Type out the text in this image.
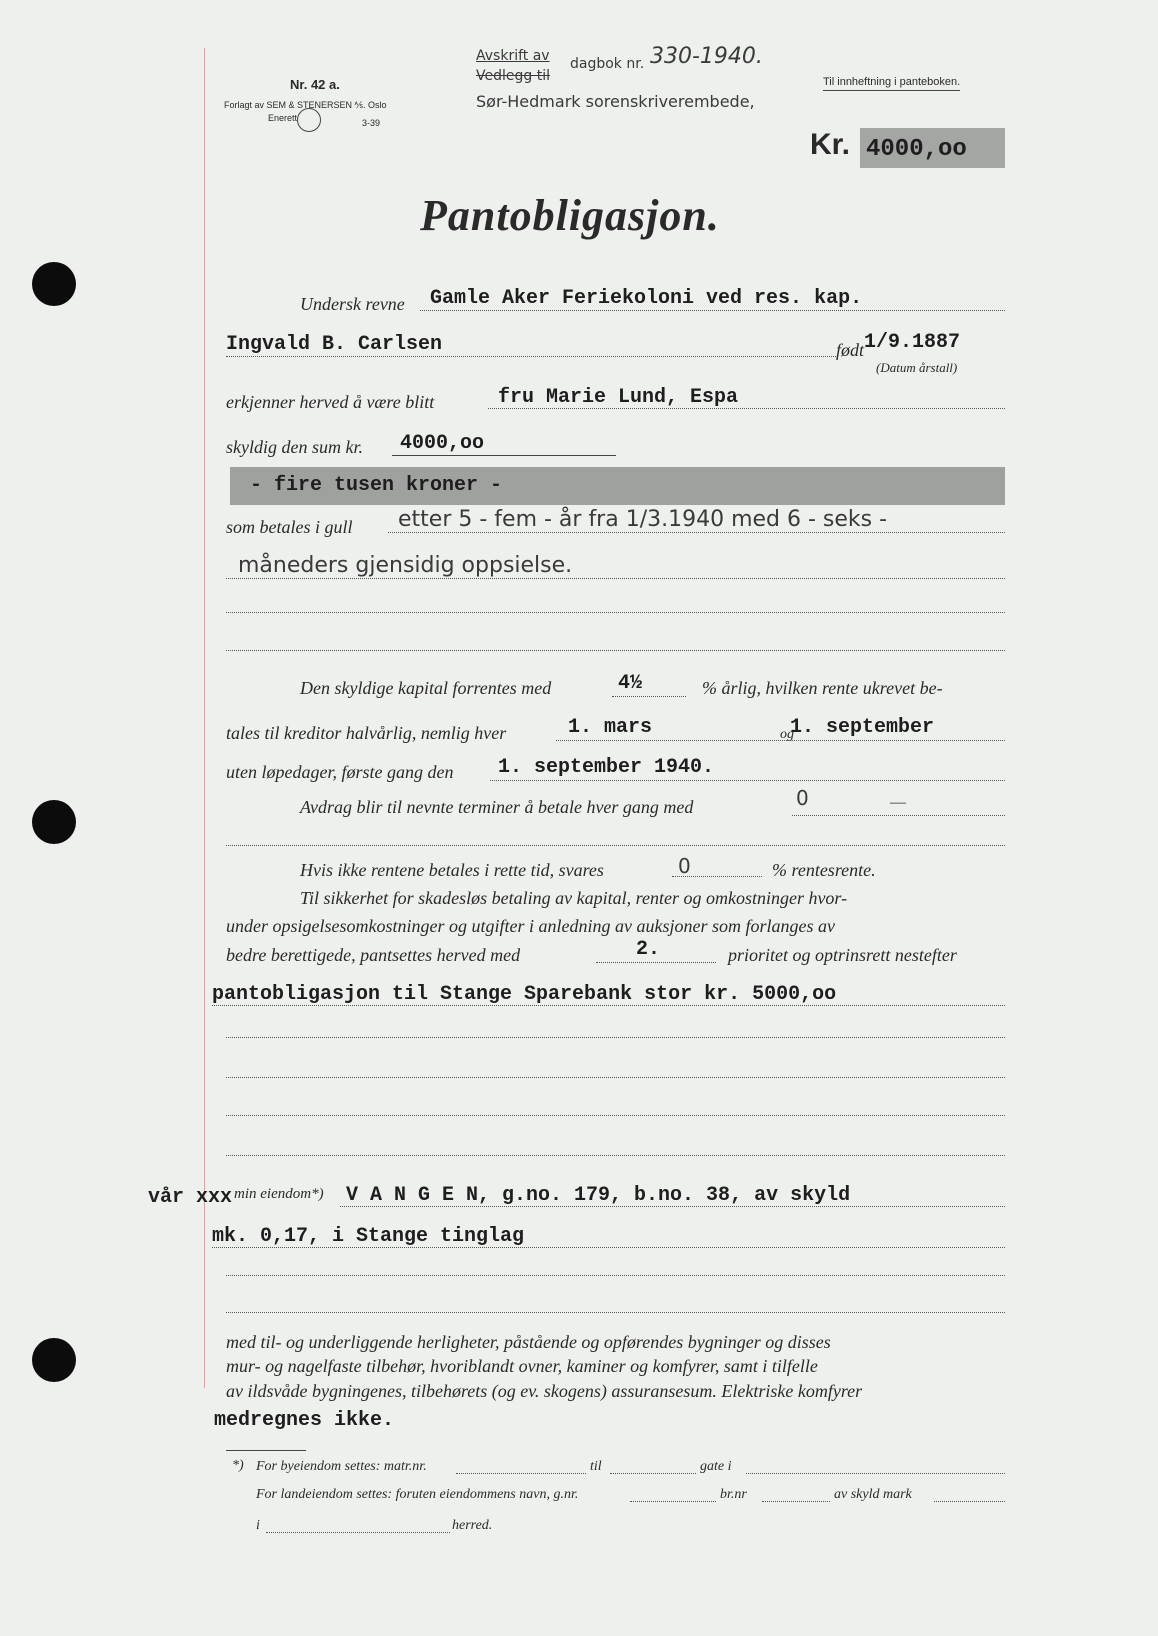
Nr. 42 a.
Forlagt av SEM & STENERSEN ⅍. Oslo
Enerett	3-39
Avskrift av
Vedlegg til
dagbok nr. 330-1940.
Sør-Hedmark sorenskriverembede,
Til innheftning i panteboken.
Kr. 4000,oo
Pantobligasjon.
Undersk revne Gamle Aker Feriekoloni ved res. kap.
Ingvald B. Carlsen	født 1/9.1887
(Datum årstall)
erkjenner herved å være blitt	fru Marie Lund, Espa
skyldig den sum kr. 4000,oo
- fire tusen kroner -
som betales i gull etter 5 - fem - år fra 1/3.1940 med 6 - seks -
måneders gjensidig oppsielse.
Den skyldige kapital forrentes med	4½	% årlig, hvilken rente ukrevet be-
tales til kreditor halvårlig, nemlig hver	1. mars	og
1. september
uten løpedager, første gang den 1. september 1940.
Avdrag blir til nevnte terminer å betale hver gang med	0	—
Hvis ikke rentene betales i rette tid, svares	0	% rentesrente.
Til sikkerhet for skadesløs betaling av kapital, renter og omkostninger hvor-
under opsigelsesomkostninger og utgifter i anledning av auksjoner som forlanges av
bedre berettigede, pantsettes herved med	2.	prioritet og optrinsrett nestefter
pantobligasjon til Stange Sparebank stor kr. 5000,oo
vår xxx min eiendom*) V A N G E N, g.no. 179, b.no. 38, av skyld
mk. 0,17, i Stange tinglag
med til- og underliggende herligheter, påstående og opførendes bygninger og disses
mur- og nagelfaste tilbehør, hvoriblandt ovner, kaminer og komfyrer, samt i tilfelle
av ildsvåde bygningenes, tilbehørets (og ev. skogens) assuransesum. Elektriske komfyrer
medregnes ikke.
*) For byeiendom settes: matr.nr.	til	gate i
For landeiendom settes: foruten eiendommens navn, g.nr.	br.nr	av skyld mark
i	herred.
